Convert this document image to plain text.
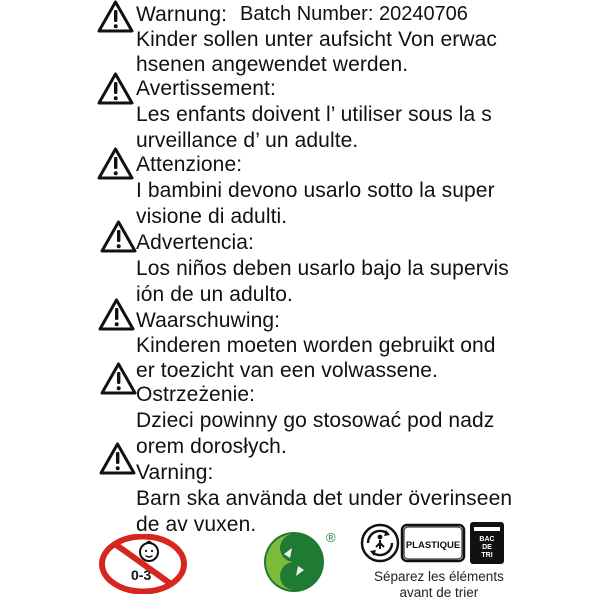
Warnung: Batch Number: 20240706
Kinder sollen unter aufsicht Von erwac
hsenen angewendet werden.
Avertissement:
Les enfants doivent l’ utiliser sous la s
urveillance d’ un adulte.
Attenzione:
I bambini devono usarlo sotto la super
visione di adulti.
Advertencia:
Los niños deben usarlo bajo la supervis
ión de un adulto.
Waarschuwing:
Kinderen moeten worden gebruikt ond
er toezicht van een volwassene.
Ostrzeżenie:
Dzieci powinny go stosować pod nadz
orem dorosłych.
Varning:
Barn ska använda det under överinseen
de av vuxen.
0-3
®
PLASTIQUE
BAC
DE
TRI
Séparez les éléments
avant de trier
